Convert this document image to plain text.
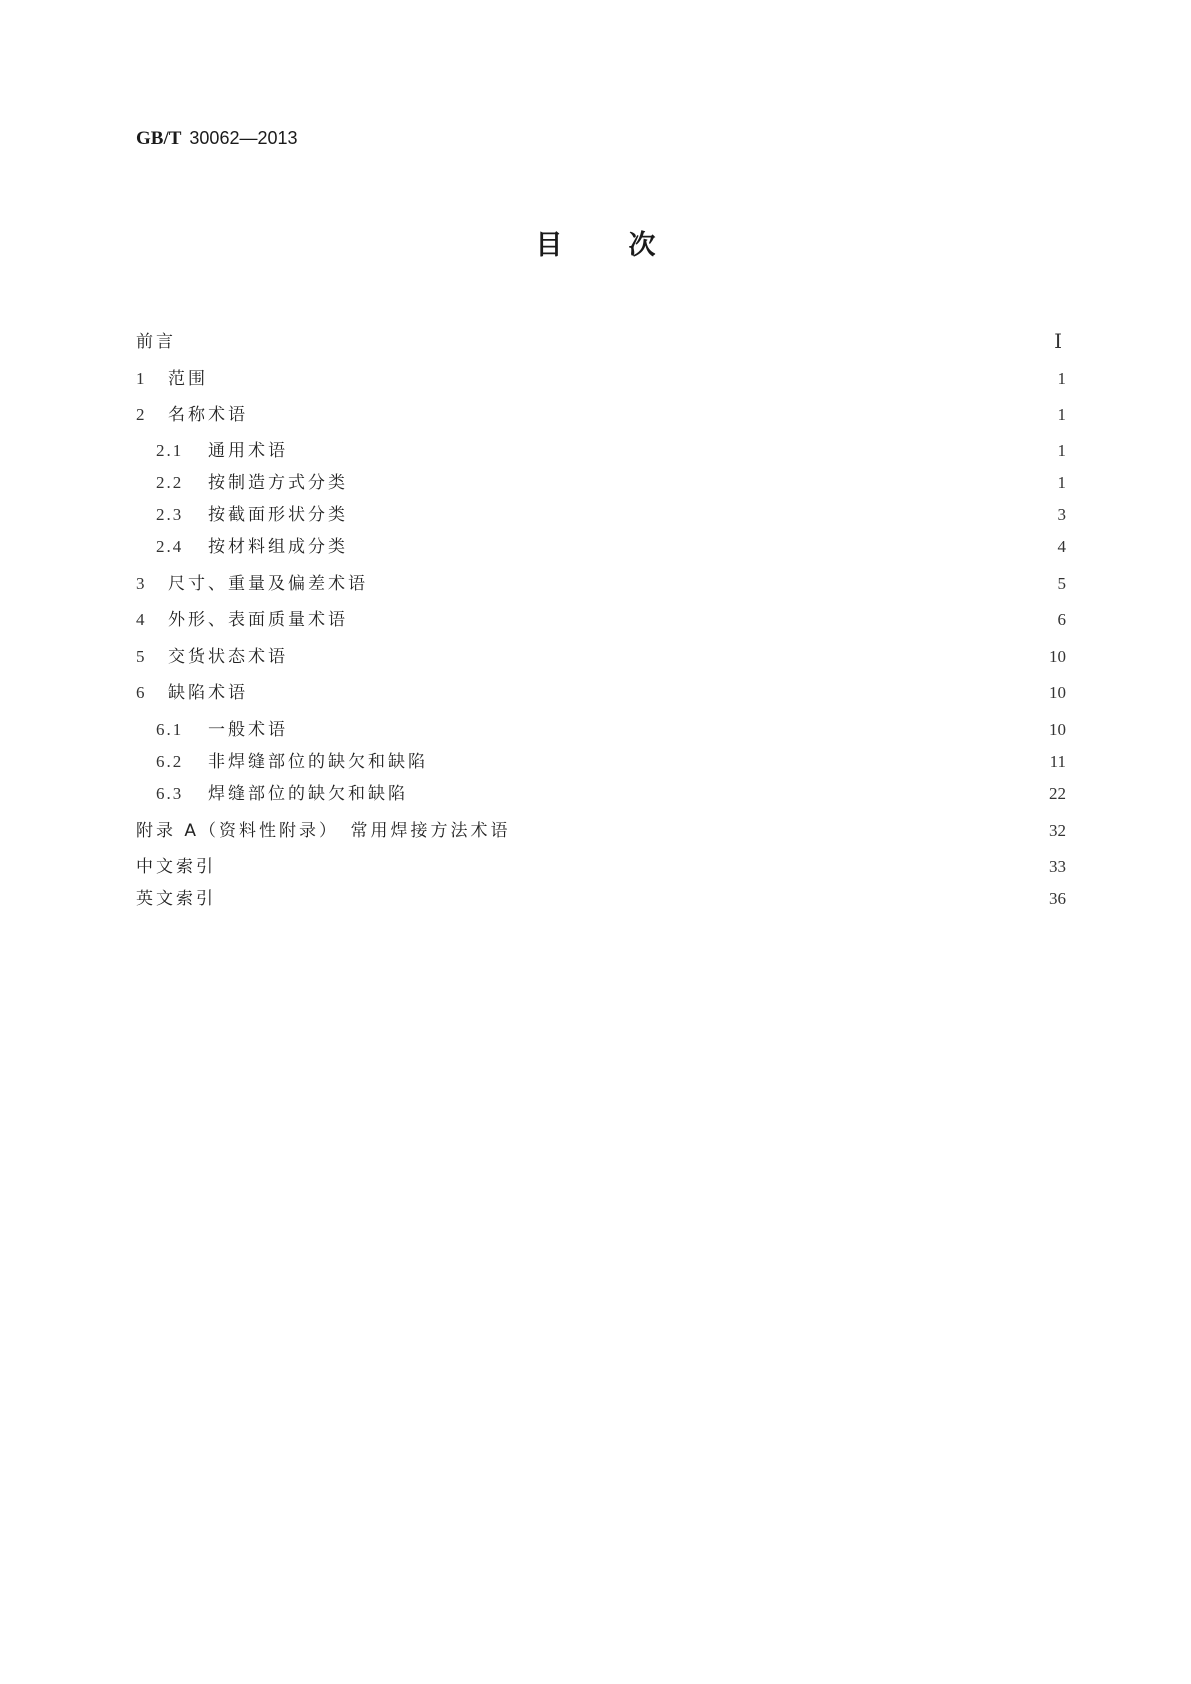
GB/T 30062—2013
目 次
前言	Ⅰ
1	范围	1
2	名称术语	1
2.1	通用术语	1
2.2	按制造方式分类	1
2.3	按截面形状分类	3
2.4	按材料组成分类	4
3	尺寸、重量及偏差术语	5
4	外形、表面质量术语	6
5	交货状态术语	10
6	缺陷术语	10
6.1	一般术语	10
6.2	非焊缝部位的缺欠和缺陷	11
6.3	焊缝部位的缺欠和缺陷	22
附录 A（资料性附录）　常用焊接方法术语	32
中文索引	33
英文索引	36
